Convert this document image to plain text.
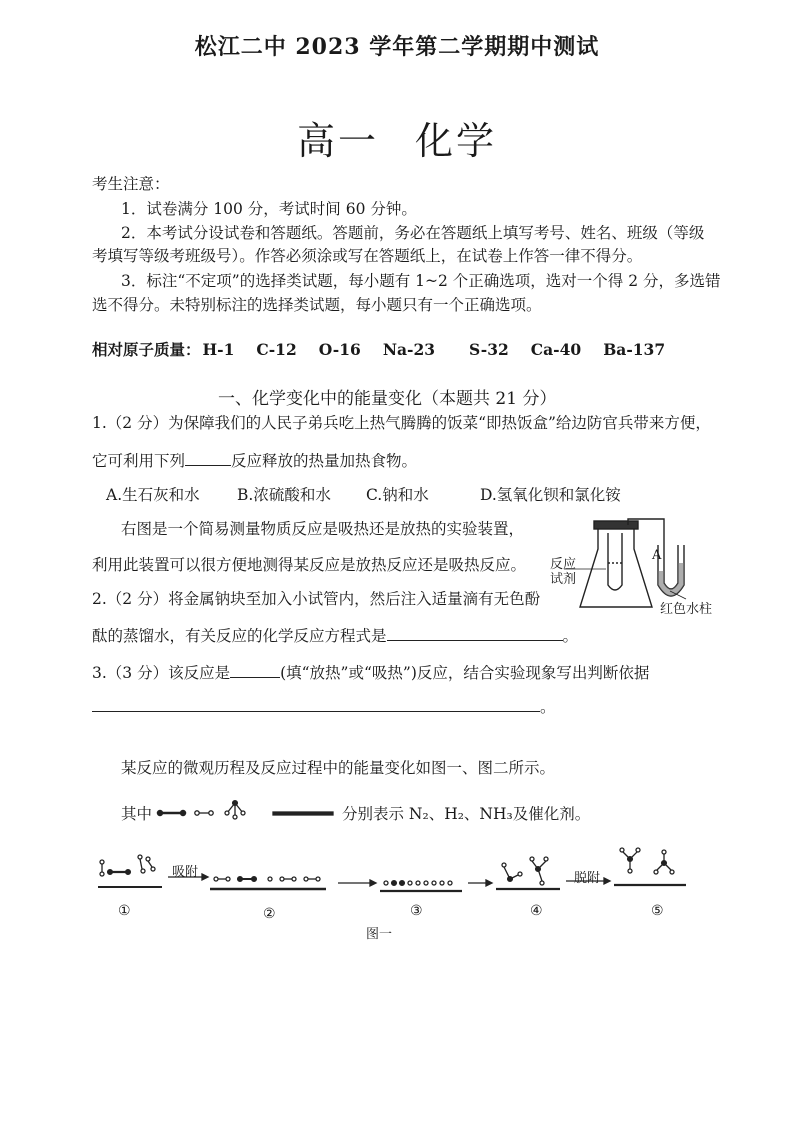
松江二中 2023 学年第二学期期中测试
高一 化学
考生注意：
1．试卷满分 100 分，考试时间 60 分钟。
2．本考试分设试卷和答题纸。答题前，务必在答题纸上填写考号、姓名、班级（等级
考填写等级考班级号）。作答必须涂或写在答题纸上，在试卷上作答一律不得分。
3．标注“不定项”的选择类试题，每小题有 1~2 个正确选项，选对一个得 2 分，多选错
选不得分。未特别标注的选择类试题，每小题只有一个正确选项。
相对原子质量： H-1 C-12 O-16 Na-23 S-32 Ca-40 Ba-137
一、化学变化中的能量变化（本题共 21 分）
1.（2 分）为保障我们的人民子弟兵吃上热气腾腾的饭菜“即热饭盒”给边防官兵带来方便，
它可利用下列	反应释放的热量加热食物。
A.生石灰和水 B.浓硫酸和水 C.钠和水	D.氢氧化钡和氯化铵
右图是一个简易测量物质反应是吸热还是放热的实验装置，
利用此装置可以很方便地测得某反应是放热反应还是吸热反应。
2.（2 分）将金属钠块至加入小试管内，然后注入适量滴有无色酚
酞的蒸馏水，有关反应的化学反应方程式是	。
3.（3 分）该反应是	(填“放热”或“吸热”)反应，结合实验现象写出判断依据
。
反应
试剂
A
红色水柱
某反应的微观历程及反应过程中的能量变化如图一、图二所示。
其中	分别表示 N₂、H₂、NH₃及催化剂。
吸附	脱附
①	②	③	④	⑤
图一
